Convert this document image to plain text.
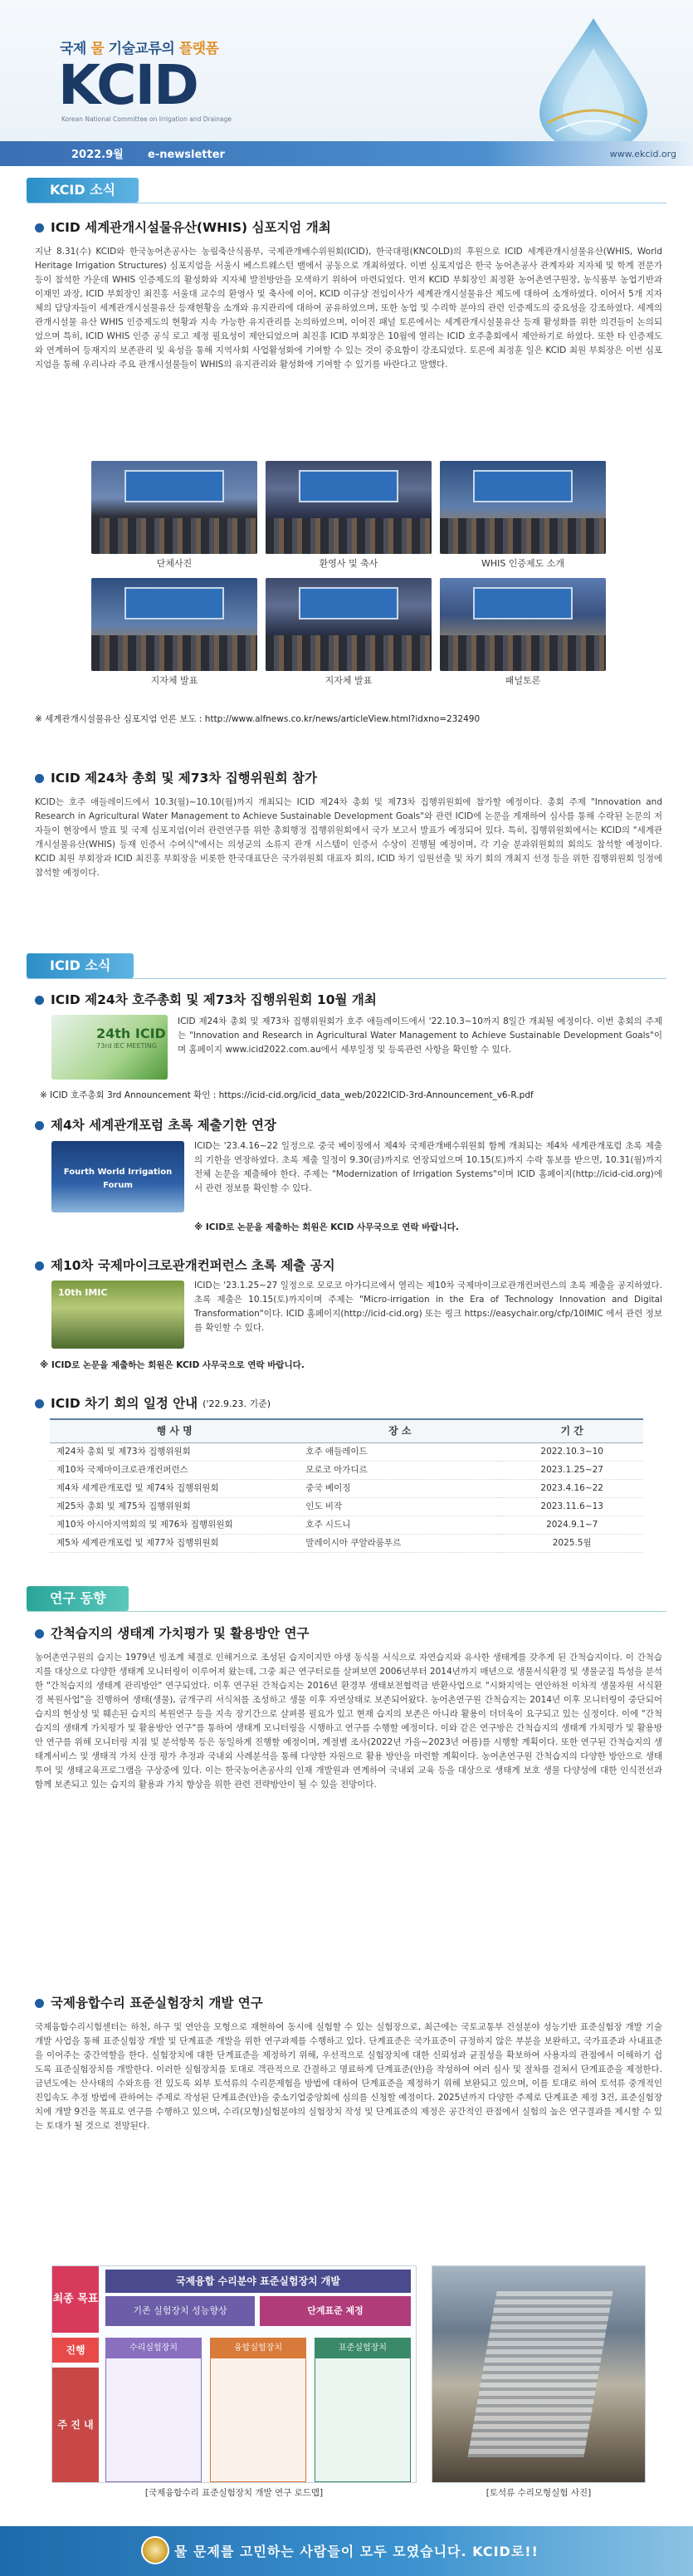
국제 물 기술교류의 플랫폼
KCID
Korean National Committee on Irrigation and Drainage
2022.9월 e-newsletter	www.ekcid.org
KCID 소식
ICID 세계관개시설물유산(WHIS) 심포지엄 개최

지난 8.31(수) KCID와 한국농어촌공사는 농림축산식품부, 국제관개배수위원회(ICID), 한국대평(KNCOLD)의 후원으로 ICID 세계관개시설물유산(WHIS, World Heritage Irrigation Structures) 심포지엄을 서울시 베스트웨스턴 밸에서 공동으로 개최하였다. 이번 심포지엄은 한국 농어촌공사 관계자와 지자체 및 학계 전문가 등이 참석한 가운데 WHIS 인증제도의 활성화와 지자체 발전방안을 모색하기 위하여 마련되었다. 먼저 KCID 부회장인 최정환 농어촌연구원장, 농식품부 농업기반과 이재민 과장, ICID 부회장인 최진홍 서울대 교수의 환영사 및 축사에 이어, KCID 이규상 전임이사가 세계관개시설물유산 제도에 대하여 소개하였다. 이어서 5개 지자체의 담당자들이 세계관개시설물유산 등재현황을 소개와 유지관리에 대하여 공유하였으며, 또한 농업 및 수리학 분야의 관련 인증제도의 중요성을 강조하였다. 세계의 관개시설물 유산 WHIS 인증제도의 현황과 지속 가능한 유지관리를 논의하였으며, 이어진 패널 토론에서는 세계관개시설물유산 등재 활성화를 위한 의견들이 논의되었으며 특히, ICID WHIS 인증 공식 로고 제정 필요성이 제안되었으며 최진홍 ICID 부회장은 10월에 열리는 ICID 호주총회에서 제안하기로 하였다. 또한 타 인증제도와 연계하여 등재지의 보존관리 및 육성을 통해 지역사회 사업활성화에 기여할 수 있는 것이 중요함이 강조되었다. 토론에 최정훈 일은 KCID 최원 부회장은 이번 심포지엄을 통해 우리나라 주요 관개시설물들이 WHIS의 유지관리와 활성화에 기여할 수 있기를 바란다고 말했다.

단체사진	환영사 및 축사	WHIS 인증제도 소개
지자체 발표	지자체 발표	패널토론
※ 세계관개시설물유산 심포지엄 언론 보도 : http://www.alfnews.co.kr/news/articleView.html?idxno=232490
ICID 제24차 총회 및 제73차 집행위원회 참가

KCID는 호주 애들레이드에서 10.3(월)~10.10(월)까지 개최되는 ICID 제24차 총회 및 제73차 집행위원회에 참가할 예정이다. 총회 주제 "Innovation and Research in Agricultural Water Management to Achieve Sustainable Development Goals"와 관련 ICID에 논문을 게재하여 심사를 통해 수락된 논문의 저자들이 현장에서 발표 및 국제 심포지엄(이러 관련연구를 위한 총회행정 집행위원회에서 국가 보고서 발표가 예정되어 있다. 특히, 집행위원회에서는 KCID의 "세계관개시설물유산(WHIS) 등재 인증서 수여식"에서는 의성군의 소류지 관개 시스템이 인증서 수상이 진행될 예정이며, 각 기술 분과위원회의 회의도 참석할 예정이다. KCID 최원 부회장과 ICID 최진홍 부회장을 비롯한 한국대표단은 국가위원회 대표자 회의, ICID 차기 임원선출 및 차기 회의 개최지 선정 등을 위한 집행위원회 일정에 참석할 예정이다.

ICID 소식
ICID 제24차 호주총회 및 제73차 집행위원회 10월 개최
24th ICID
73rd IEC MEETING

ICID 제24차 총회 및 제73차 집행위원회가 호주 애들레이드에서 '22.10.3~10까지 8일간 개최될 예정이다. 이번 총회의 주제는 "Innovation and Research in Agricultural Water Management to Achieve Sustainable Development Goals"이며 홈페이지 www.icid2022.com.au에서 세부일정 및 등록관련 사항을 확인할 수 있다.

※ ICID 호주총회 3rd Announcement 확인 : https://icid-cid.org/icid_data_web/2022ICID-3rd-Announcement_v6-R.pdf
제4차 세계관개포럼 초록 제출기한 연장
Fourth World Irrigation Forum

ICID는 '23.4.16~22 일정으로 중국 베이징에서 제4차 국제관개배수위원회 함께 개최되는 제4차 세계관개포럼 초록 제출의 기한을 연장하였다. 초록 제출 일정이 9.30(금)까지로 연장되었으며 10.15(토)까지 수락 통보를 받으면, 10.31(월)까지 전체 논문을 제출해야 한다. 주제는 "Modernization of Irrigation Systems"이며 ICID 홈페이지(http://icid-cid.org)에서 관련 정보를 확인할 수 있다.

※ ICID로 논문을 제출하는 회원은 KCID 사무국으로 연락 바랍니다.
제10차 국제마이크로관개컨퍼런스 초록 제출 공지
10th IMIC

ICID는 '23.1.25~27 일정으로 모로코 아가디르에서 열리는 제10차 국제마이크로관개컨퍼런스의 초록 제출을 공지하였다. 초록 제출은 10.15(토)까지이며 주제는 "Micro-irrigation in the Era of Technology Innovation and Digital Transformation"이다. ICID 홈페이지(http://icid-cid.org) 또는 링크 https://easychair.org/cfp/10IMIC 에서 관련 정보를 확인할 수 있다.

※ ICID로 논문을 제출하는 회원은 KCID 사무국으로 연락 바랍니다.
ICID 차기 회의 일정 안내 ('22.9.23. 기준)
행 사 명	장 소	기 간
제24차 총회 및 제73차 집행위원회	호주 애들레이드	2022.10.3~10
제10차 국제마이크로관개컨퍼런스	모로코 아가디르	2023.1.25~27
제4차 세계관개포럼 및 제74차 집행위원회	중국 베이징	2023.4.16~22
제25차 총회 및 제75차 집행위원회	인도 비작	2023.11.6~13
제10차 아시아지역회의 및 제76차 집행위원회	호주 시드니	2024.9.1~7
제5차 세계관개포럼 및 제77차 집행위원회	말레이시아 쿠알라룸푸르	2025.5월
연구 동향
간척습지의 생태계 가치평가 및 활용방안 연구

농어촌연구원의 습지는 1979년 빙조계 체결로 인해거으로 조성된 습지이지만 야생 동식물 서식으로 자연습지와 유사한 생태계를 갖추게 된 간척습지이다. 이 간척습지를 대상으로 다양한 생태계 모니터링이 이루어져 왔는데, 그중 최근 연구터로를 살펴보면 2006년부터 2014년까지 매년으로 생물서식환경 및 생물군집 특성을 분석한 "간척습지의 생태계 관리방안" 연구되었다. 이후 연구된 간척습지는 2016년 환경부 생태보전협력금 반환사업으로 "시화지역는 연안하천 이차적 생물자원 서식환경 복원사업"을 진행하여 생태(생물), 금개구리 서식처를 조성하고 생물 이후 자연상태로 보존되어왔다. 농어촌연구원 간척습지는 2014년 이후 모니터링이 중단되어 습지의 현상성 및 훼손된 습지의 복원연구 등을 지속 장기간으로 살펴볼 필요가 있고 현재 습지의 보존은 아니라 활용이 더더욱이 요구되고 있는 실정이다. 이에 "간척습지의 생태계 가치평가 및 활용방안 연구"를 통하여 생태계 모니터링을 시행하고 연구를 수행할 예정이다. 이와 같은 연구방은 간척습지의 생태계 가치평가 및 활용방안 연구를 위해 모니터링 지점 및 분석항목 등은 동일하게 진행할 예정이며, 계절별 조사(2022년 가을~2023년 여름)를 시행할 계획이다. 또한 연구된 간척습지의 생태계서비스 및 생태적 가치 산정 평가 추정과 국내외 사례분석을 통해 다양한 자원으로 활용 방안을 마련할 계획이다. 농어촌연구원 간척습지의 다양한 방안으로 생태투어 및 생태교육프로그램을 구상중에 있다. 이는 한국농어촌공사의 인재 개발원과 연계하여 국내외 교육 등을 대상으로 생태계 보호 생물 다양성에 대한 인식전선과 함께 보존되고 있는 습지의 활용과 가치 향상을 위한 관련 전략방안이 될 수 있을 전망이다.

국제융합수리 표준실험장치 개발 연구

국제융합수리시험센터는 하천, 하구 및 연안을 모형으로 재현하여 동시에 실험할 수 있는 실험장으로, 최근에는 국토교통부 건설분야 성능기반 표준실험장 개발 기술개발 사업을 통해 표준실험장 개발 및 단계표준 개발을 위한 연구과제를 수행하고 있다. 단계표준은 국가표준이 규정하지 않은 부분을 보완하고, 국가표준과 사내표준을 이어주는 중간역할을 한다. 실험장치에 대한 단계표준을 제정하기 위해, 우선적으로 실험장치에 대한 신뢰성과 균질성을 확보하여 사용자의 관점에서 이해하기 쉽도록 표준실험장치를 개발한다. 이러한 실험장치를 토대로 객관적으로 간결하고 명료하게 단계표준(안)을 작성하여 여러 심사 및 절차를 걸쳐서 단계표준을 제정한다. 금년도에는 산사태의 수와흐름 전 있도록 외부 토석류의 수리문제험을 방법에 대하여 단계표준을 제정하기 위해 보완되고 있으며, 이를 토대로 하여 토석류 중개적인 진입속도 추정 방법에 관하여는 주제로 작성된 단계표준(안)을 중소기업중앙회에 심의를 신청할 예정이다. 2025년까지 다양한 주제로 단계표준 제정 3건, 표준실험장치에 개발 9건을 목표로 연구를 수행하고 있으며, 수리(모형)실험분야의 실험장치 작성 및 단계표준의 제정은 공간적인 관점에서 실험의 높은 연구결과를 제시할 수 있는 토대가 될 것으로 전망된다.

최종 목표
국제융합 수리분야 표준실험장치 개발
기존 실험장치 성능향상	단계표준 제정
진행
주 진 내
수리실험장치	융합실험장치	표준실험장치
[국제융합수리 표준실험장치 개발 연구 로드맵]	[토석류 수리모형실험 사진]
물 문제를 고민하는 사람들이 모두 모였습니다. KCID로!!
